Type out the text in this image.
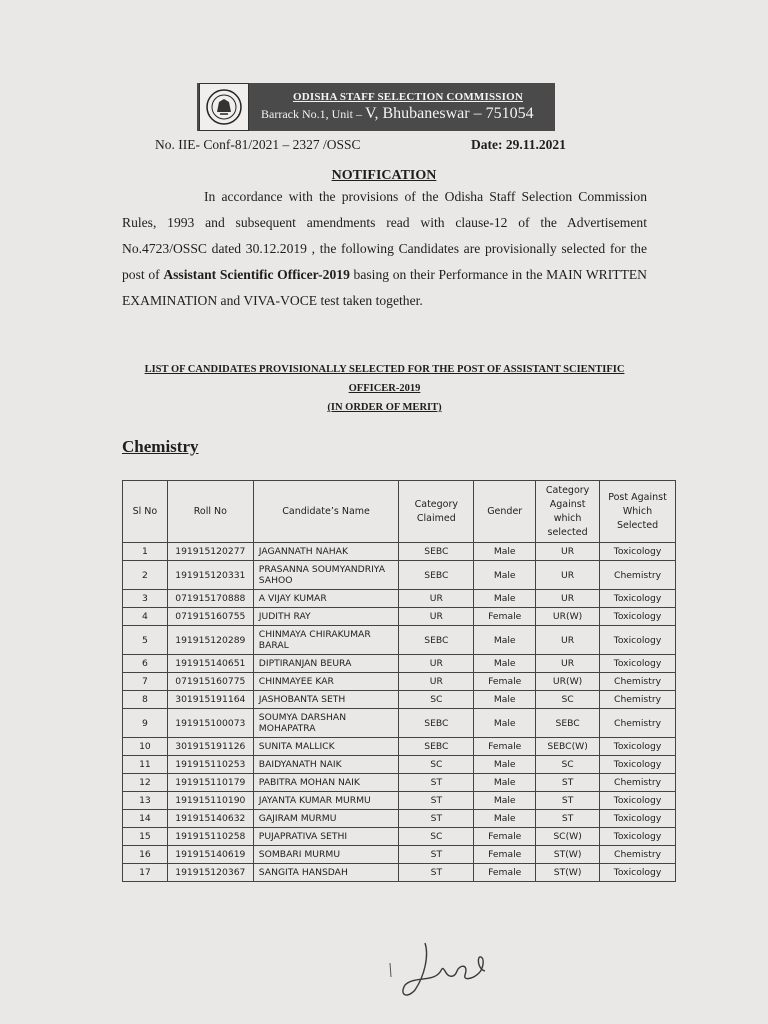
ODISHA STAFF SELECTION COMMISSION
Barrack No.1, Unit – V, Bhubaneswar – 751054
No. IIE- Conf-81/2021 – 2327 /OSSC	Date: 29.11.2021
NOTIFICATION
In accordance with the provisions of the Odisha Staff Selection Commission Rules, 1993 and subsequent amendments read with clause-12 of the Advertisement No.4723/OSSC dated 30.12.2019 , the following Candidates are provisionally selected for the post of Assistant Scientific Officer-2019 basing on their Performance in the MAIN WRITTEN EXAMINATION and VIVA-VOCE test taken together.
LIST OF CANDIDATES PROVISIONALLY SELECTED FOR THE POST OF ASSISTANT SCIENTIFIC
OFFICER-2019
(IN ORDER OF MERIT)
Chemistry
Sl No	Roll No	Candidate’s Name	Category Claimed	Gender	Category Against which selected	Post Against Which Selected
1	191915120277	JAGANNATH NAHAK	SEBC	Male	UR	Toxicology
2	191915120331	PRASANNA SOUMYANDRIYA SAHOO	SEBC	Male	UR	Chemistry
3	071915170888	A VIJAY KUMAR	UR	Male	UR	Toxicology
4	071915160755	JUDITH RAY	UR	Female	UR(W)	Toxicology
5	191915120289	CHINMAYA CHIRAKUMAR BARAL	SEBC	Male	UR	Toxicology
6	191915140651	DIPTIRANJAN BEURA	UR	Male	UR	Toxicology
7	071915160775	CHINMAYEE KAR	UR	Female	UR(W)	Chemistry
8	301915191164	JASHOBANTA SETH	SC	Male	SC	Chemistry
9	191915100073	SOUMYA DARSHAN MOHAPATRA	SEBC	Male	SEBC	Chemistry
10	301915191126	SUNITA MALLICK	SEBC	Female	SEBC(W)	Toxicology
11	191915110253	BAIDYANATH NAIK	SC	Male	SC	Toxicology
12	191915110179	PABITRA MOHAN NAIK	ST	Male	ST	Chemistry
13	191915110190	JAYANTA KUMAR MURMU	ST	Male	ST	Toxicology
14	191915140632	GAJIRAM MURMU	ST	Male	ST	Toxicology
15	191915110258	PUJAPRATIVA SETHI	SC	Female	SC(W)	Toxicology
16	191915140619	SOMBARI MURMU	ST	Female	ST(W)	Chemistry
17	191915120367	SANGITA HANSDAH	ST	Female	ST(W)	Toxicology
